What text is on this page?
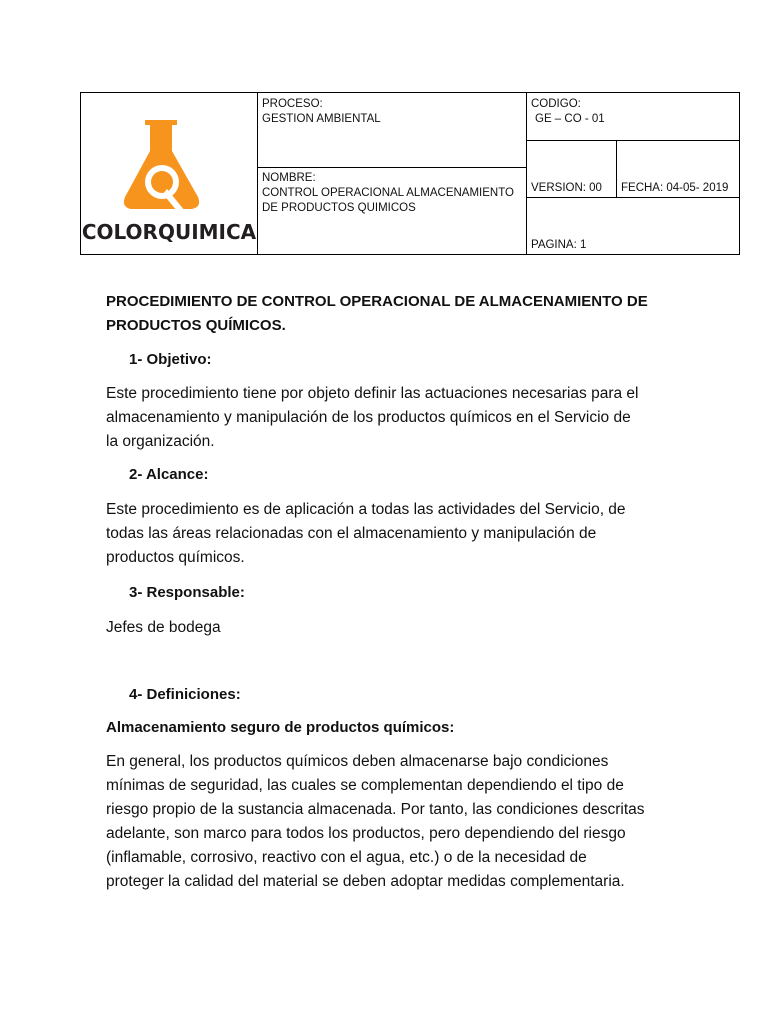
COLORQUIMICA
PROCESO:
GESTION AMBIENTAL
NOMBRE:
CONTROL OPERACIONAL ALMACENAMIENTO
DE PRODUCTOS QUIMICOS
CODIGO:
GE – CO - 01
VERSION: 00	FECHA: 04-05- 2019
PAGINA: 1
PROCEDIMIENTO DE CONTROL OPERACIONAL DE ALMACENAMIENTO DE
PRODUCTOS QUÍMICOS.
1- Objetivo:
Este procedimiento tiene por objeto definir las actuaciones necesarias para el
almacenamiento y manipulación de los productos químicos en el Servicio de
la organización.
2- Alcance:
Este procedimiento es de aplicación a todas las actividades del Servicio, de
todas las áreas relacionadas con el almacenamiento y manipulación de
productos químicos.
3- Responsable:
Jefes de bodega
4- Definiciones:
Almacenamiento seguro de productos químicos:
En general, los productos químicos deben almacenarse bajo condiciones
mínimas de seguridad, las cuales se complementan dependiendo el tipo de
riesgo propio de la sustancia almacenada. Por tanto, las condiciones descritas
adelante, son marco para todos los productos, pero dependiendo del riesgo
(inflamable, corrosivo, reactivo con el agua, etc.) o de la necesidad de
proteger la calidad del material se deben adoptar medidas complementaria.
